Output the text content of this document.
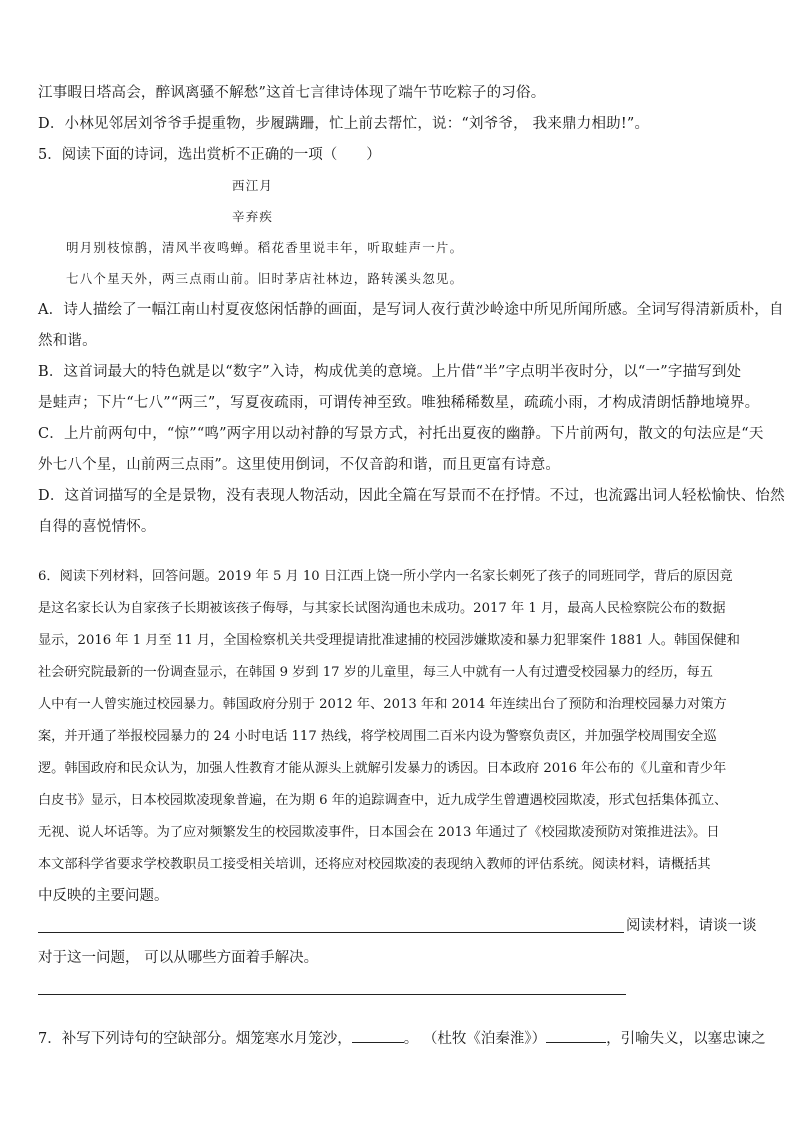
江事暇日塔高会，醉讽离骚不解愁”这首七言律诗体现了端午节吃粽子的习俗。
D．小林见邻居刘爷爷手提重物，步履蹒跚，忙上前去帮忙，说：“刘爷爷， 我来鼎力相助!”。
5．阅读下面的诗词，选出赏析不正确的一项（　　）
西江月
辛弃疾
明月别枝惊鹊，清风半夜鸣蝉。稻花香里说丰年，听取蛙声一片。
七八个星天外，两三点雨山前。旧时茅店社林边，路转溪头忽见。
A．诗人描绘了一幅江南山村夏夜悠闲恬静的画面，是写词人夜行黄沙岭途中所见所闻所感。全词写得清新质朴，自
然和谐。
B．这首词最大的特色就是以“数字”入诗，构成优美的意境。上片借“半”字点明半夜时分，以“一”字描写到处
是蛙声；下片“七八”“两三”，写夏夜疏雨，可谓传神至致。唯独稀稀数星，疏疏小雨，才构成清朗恬静地境界。
C．上片前两句中，“惊”“鸣”两字用以动衬静的写景方式，衬托出夏夜的幽静。下片前两句，散文的句法应是“天
外七八个星，山前两三点雨”。这里使用倒词，不仅音韵和谐，而且更富有诗意。
D．这首词描写的全是景物，没有表现人物活动，因此全篇在写景而不在抒情。不过，也流露出词人轻松愉快、怡然
自得的喜悦情怀。
6．阅读下列材料，回答问题。2019 年 5 月 10 日江西上饶一所小学内一名家长刺死了孩子的同班同学，背后的原因竟
是这名家长认为自家孩子长期被该孩子侮辱，与其家长试图沟通也未成功。2017 年 1 月，最高人民检察院公布的数据
显示，2016 年 1 月至 11 月，全国检察机关共受理提请批准逮捕的校园涉嫌欺凌和暴力犯罪案件 1881 人。韩国保健和
社会研究院最新的一份调查显示，在韩国 9 岁到 17 岁的儿童里，每三人中就有一人有过遭受校园暴力的经历，每五
人中有一人曾实施过校园暴力。韩国政府分别于 2012 年、2013 年和 2014 年连续出台了预防和治理校园暴力对策方
案，并开通了举报校园暴力的 24 小时电话 117 热线，将学校周围二百米内设为警察负责区，并加强学校周围安全巡
逻。韩国政府和民众认为，加强人性教育才能从源头上就解引发暴力的诱因。日本政府 2016 年公布的《儿童和青少年
白皮书》显示，日本校园欺凌现象普遍，在为期 6 年的追踪调查中，近九成学生曾遭遇校园欺凌，形式包括集体孤立、
无视、说人坏话等。为了应对频繁发生的校园欺凌事件，日本国会在 2013 年通过了《校园欺凌预防对策推进法》。日
本文部科学省要求学校教职员工接受相关培训，还将应对校园欺凌的表现纳入教师的评估系统。阅读材料，请概括其
中反映的主要问题。
阅读材料，请谈一谈
对于这一问题， 可以从哪些方面着手解决。
7．补写下列诗句的空缺部分。烟笼寒水月笼沙，	。 （杜牧《泊秦淮》）	，引喻失义，以塞忠谏之
